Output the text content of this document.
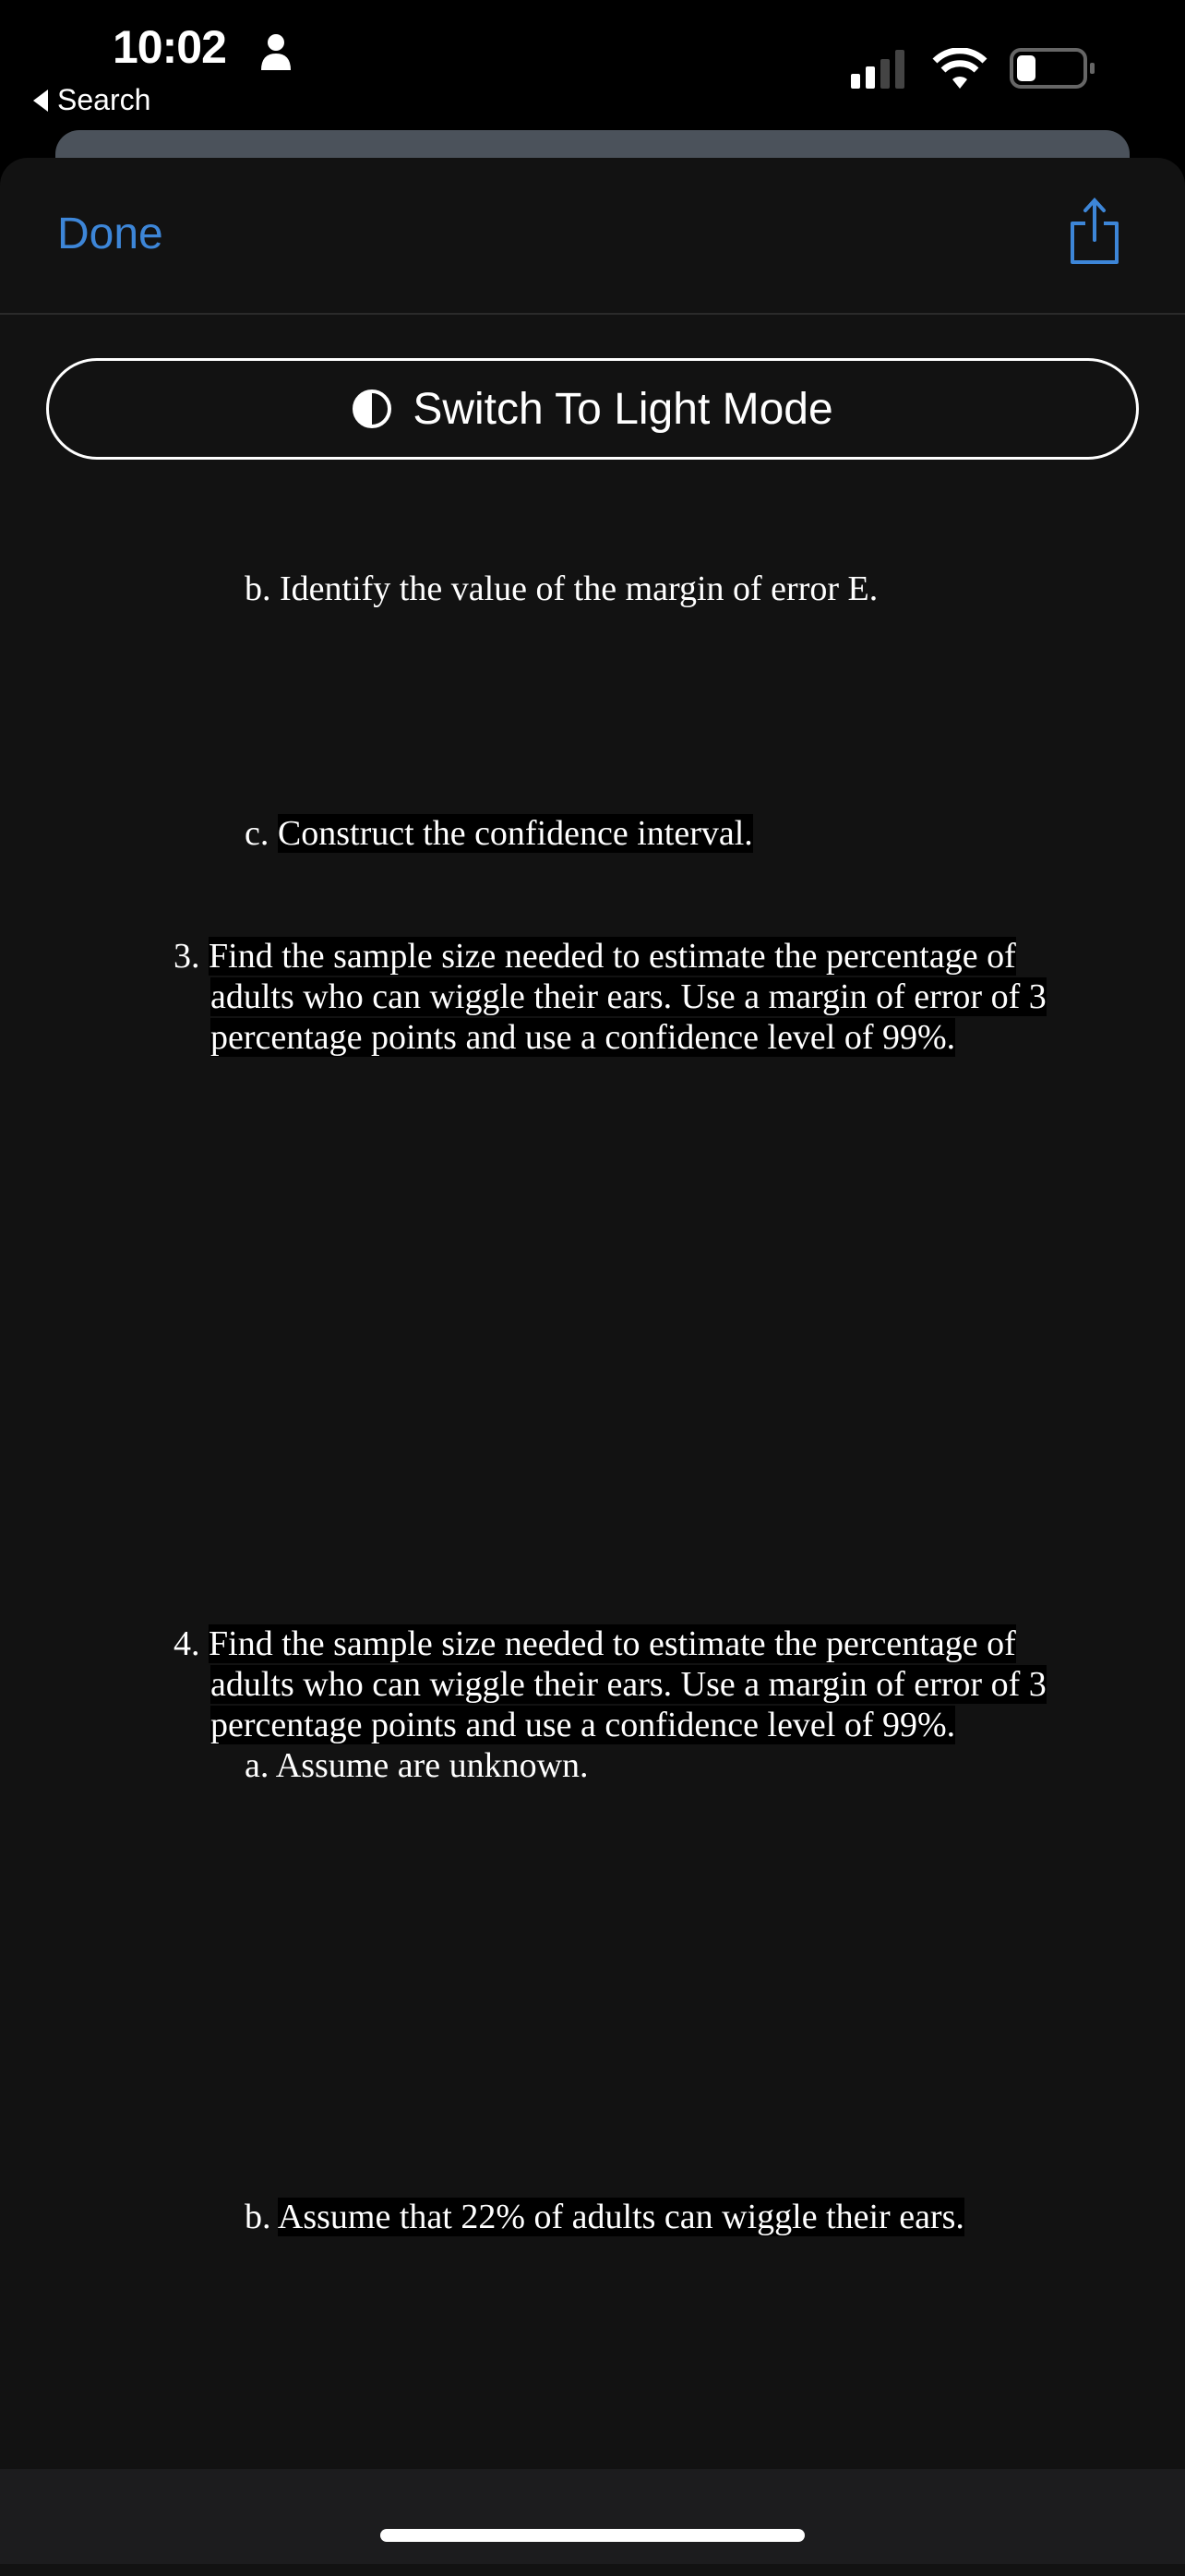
10:02
Search
Done
Switch To Light Mode
b. Identify the value of the margin of error E.
c. Construct the confidence interval.
3. Find the sample size needed to estimate the percentage of
adults who can wiggle their ears. Use a margin of error of 3
percentage points and use a confidence level of 99%.
4. Find the sample size needed to estimate the percentage of
adults who can wiggle their ears. Use a margin of error of 3
percentage points and use a confidence level of 99%.
a. Assume are unknown.
b. Assume that 22% of adults can wiggle their ears.
